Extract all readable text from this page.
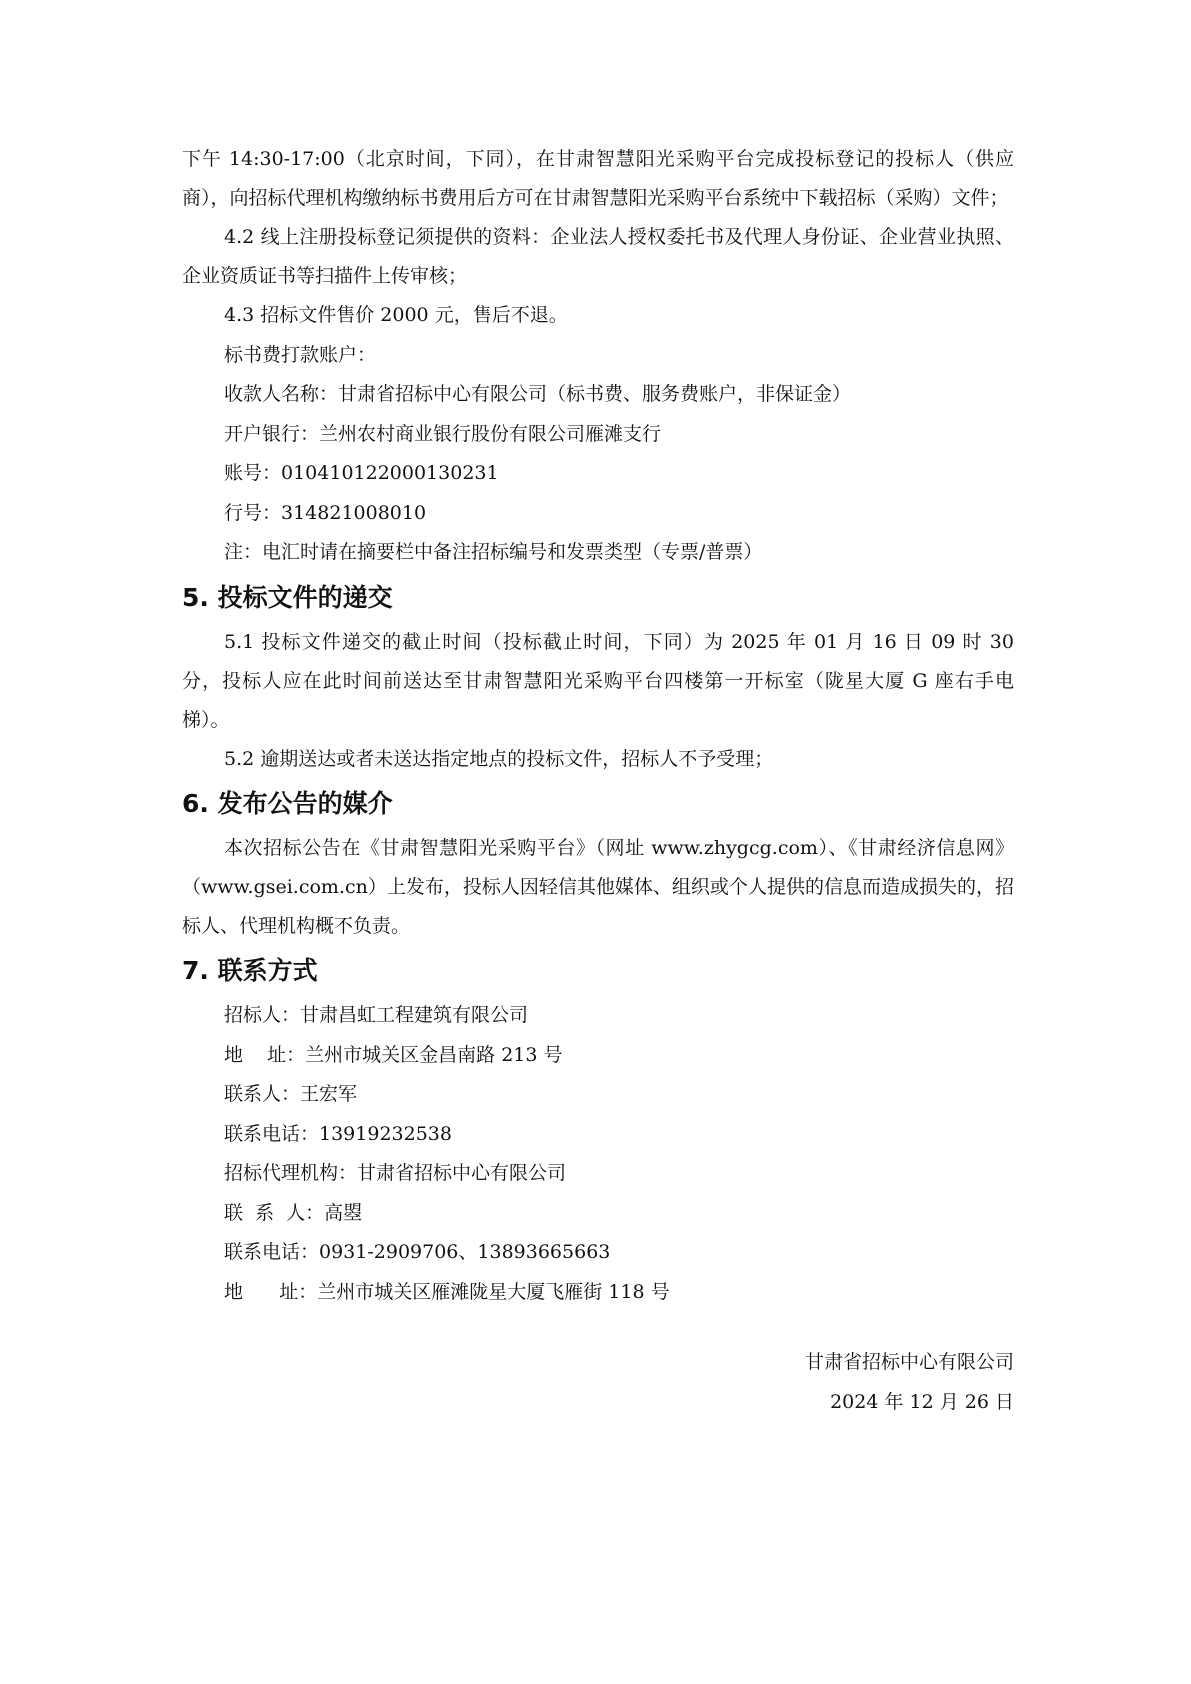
下午 14:30-17:00（北京时间，下同），在甘肃智慧阳光采购平台完成投标登记的投标人（供应商），向招标代理机构缴纳标书费用后方可在甘肃智慧阳光采购平台系统中下载招标（采购）文件；

4.2 线上注册投标登记须提供的资料：企业法人授权委托书及代理人身份证、企业营业执照、企业资质证书等扫描件上传审核；

4.3 招标文件售价 2000 元，售后不退。

标书费打款账户：

收款人名称：甘肃省招标中心有限公司（标书费、服务费账户，非保证金）

开户银行：兰州农村商业银行股份有限公司雁滩支行

账号：010410122000130231

行号：314821008010

注：电汇时请在摘要栏中备注招标编号和发票类型（专票/普票）

5. 投标文件的递交

5.1 投标文件递交的截止时间（投标截止时间，下同）为 2025 年 01 月 16 日 09 时 30 分，投标人应在此时间前送达至甘肃智慧阳光采购平台四楼第一开标室（陇星大厦 G 座右手电梯）。

5.2 逾期送达或者未送达指定地点的投标文件，招标人不予受理；

6. 发布公告的媒介

本次招标公告在《甘肃智慧阳光采购平台》（网址 www.zhygcg.com）、《甘肃经济信息网》（www.gsei.com.cn）上发布，投标人因轻信其他媒体、组织或个人提供的信息而造成损失的，招标人、代理机构概不负责。

7. 联系方式

招标人：甘肃昌虹工程建筑有限公司

地    址：兰州市城关区金昌南路 213 号

联系人：王宏军

联系电话：13919232538

招标代理机构：甘肃省招标中心有限公司

联  系  人：高曌

联系电话：0931-2909706、13893665663

地      址：兰州市城关区雁滩陇星大厦飞雁街 118 号

甘肃省招标中心有限公司

2024 年 12 月 26 日
